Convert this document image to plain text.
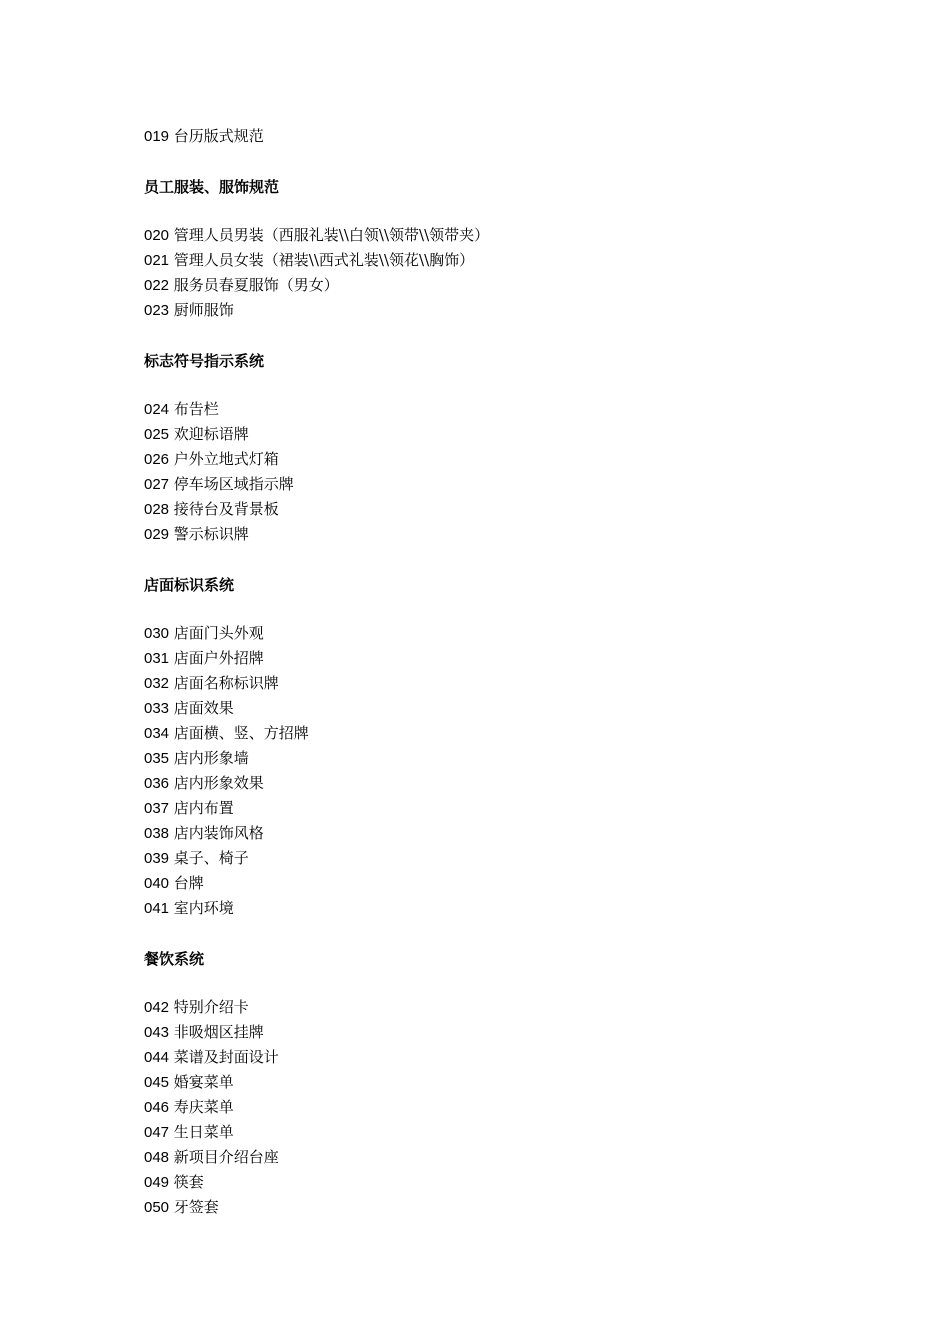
019 台历版式规范
员工服装、服饰规范
020 管理人员男装（西服礼装\\白领\\领带\\领带夹）
021 管理人员女装（裙装\\西式礼装\\领花\\胸饰）
022 服务员春夏服饰（男女）
023 厨师服饰
标志符号指示系统
024 布告栏
025 欢迎标语牌
026 户外立地式灯箱
027 停车场区域指示牌
028 接待台及背景板
029 警示标识牌
店面标识系统
030 店面门头外观
031 店面户外招牌
032 店面名称标识牌
033 店面效果
034 店面横、竖、方招牌
035 店内形象墙
036 店内形象效果
037 店内布置
038 店内装饰风格
039 桌子、椅子
040 台牌
041 室内环境
餐饮系统
042 特别介绍卡
043 非吸烟区挂牌
044 菜谱及封面设计
045 婚宴菜单
046 寿庆菜单
047 生日菜单
048 新项目介绍台座
049 筷套
050 牙签套
